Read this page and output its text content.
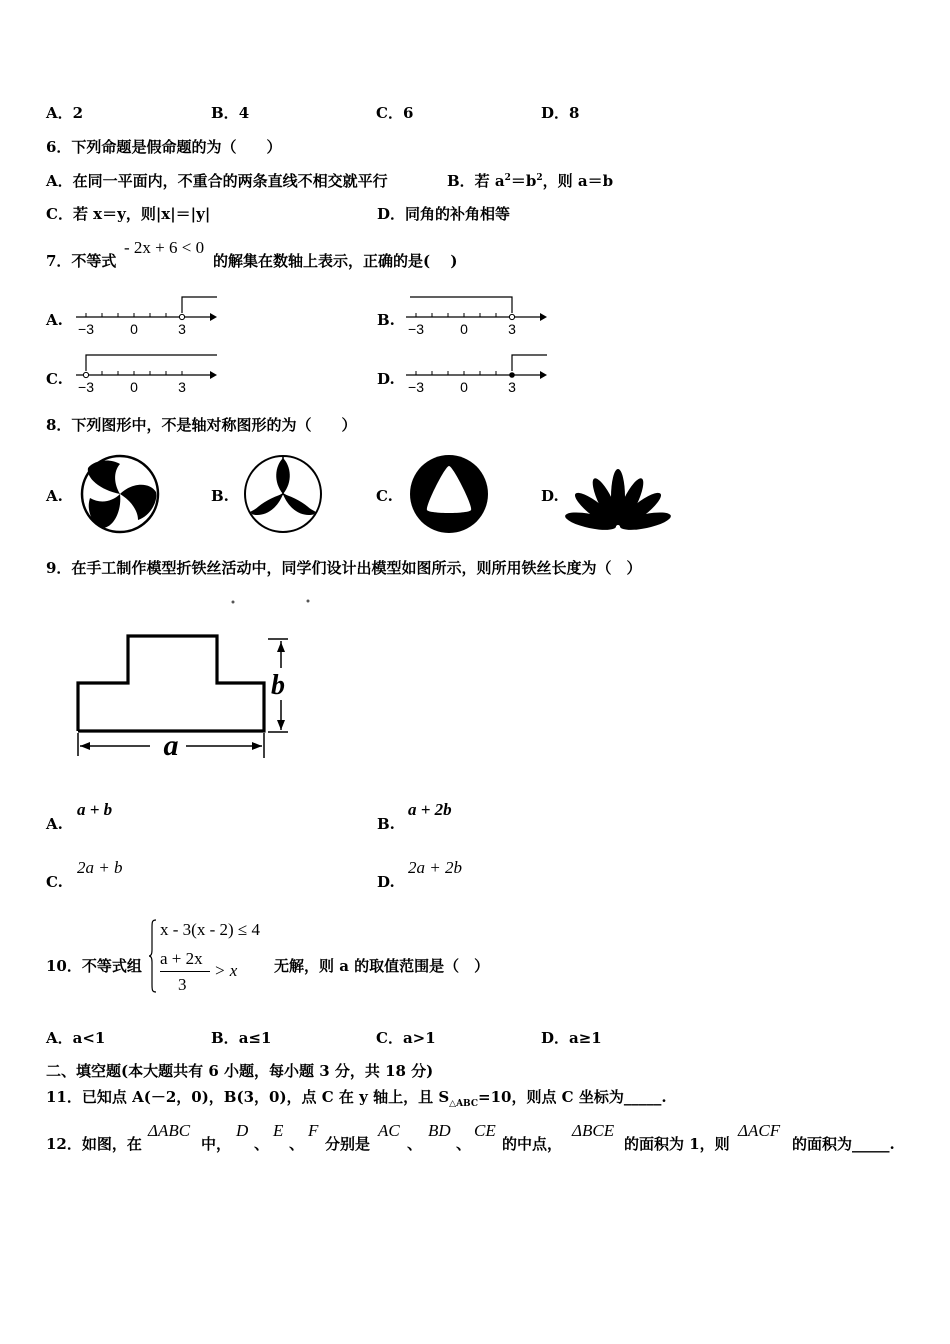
A．2	B．4	C．6	D．8
6．下列命题是假命题的为（　　）
A．在同一平面内，不重合的两条直线不相交就平行	B．若 $a^2=b^2$，则 a＝b
C．若 x＝y，则|x|＝|y|	D．同角的补角相等
7．不等式
- 2x + 6 < 0
的解集在数轴上表示，正确的是(　 )
A.	B.
C.	D.
−3	0	3	−3	0	3
−3	0	3	−3	0	3
8．下列图形中，不是轴对称图形的为（　　）
A.	B.	C.	D.
9．在手工制作模型折铁丝活动中，同学们设计出模型如图所示，则所用铁丝长度为（　）
b
a
A.
a + b
B.
a + 2b
C.
2a + b
D.
2a + 2b
10．不等式组
x - 3(x - 2) ≤ 4
a + 2x
3
> x 无解，则 a 的取值范围是（　）
A．a<1	B．a≤1	C．a>1	D．a≥1
二、填空题(本大题共有 6 小题，每小题 3 分，共 18 分)
11．已知点 A(－2，0)，B(3，0)，点 C 在 y 轴上，且 $S_{\triangle ABC}=10$，则点 C 坐标为_____.
12．如图，在
ΔABC
中，
D
、
E
、
F
分别是
AC
、
BD
、
CE
的中点，
ΔBCE
的面积为 1，则
ΔACF
的面积为_____.
